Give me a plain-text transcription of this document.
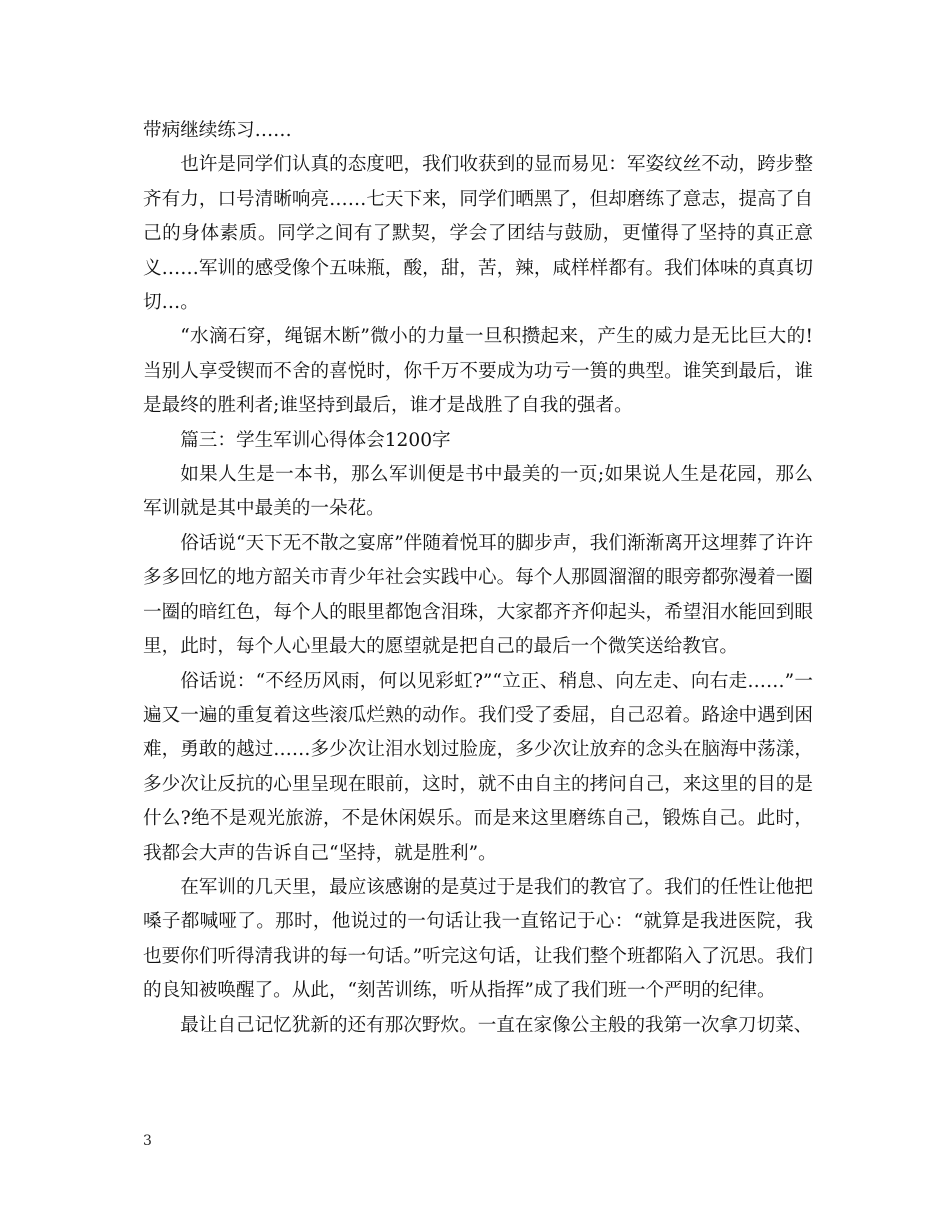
带病继续练习……

也许是同学们认真的态度吧，我们收获到的显而易见：军姿纹丝不动，跨步整齐有力，口号清晰响亮……七天下来，同学们晒黑了，但却磨练了意志，提高了自己的身体素质。同学之间有了默契，学会了团结与鼓励，更懂得了坚持的真正意义……军训的感受像个五味瓶，酸，甜，苦，辣，咸样样都有。我们体味的真真切切…。

“水滴石穿，绳锯木断”微小的力量一旦积攒起来，产生的威力是无比巨大的!当别人享受锲而不舍的喜悦时，你千万不要成为功亏一篑的典型。谁笑到最后，谁是最终的胜利者;谁坚持到最后，谁才是战胜了自我的强者。

篇三：学生军训心得体会1200字

如果人生是一本书，那么军训便是书中最美的一页;如果说人生是花园，那么军训就是其中最美的一朵花。

俗话说“天下无不散之宴席”伴随着悦耳的脚步声，我们渐渐离开这埋葬了许许多多回忆的地方韶关市青少年社会实践中心。每个人那圆溜溜的眼旁都弥漫着一圈一圈的暗红色，每个人的眼里都饱含泪珠，大家都齐齐仰起头，希望泪水能回到眼里，此时，每个人心里最大的愿望就是把自己的最后一个微笑送给教官。

俗话说：“不经历风雨，何以见彩虹?”“立正、稍息、向左走、向右走……”一遍又一遍的重复着这些滚瓜烂熟的动作。我们受了委屈，自己忍着。路途中遇到困难，勇敢的越过……多少次让泪水划过脸庞，多少次让放弃的念头在脑海中荡漾，多少次让反抗的心里呈现在眼前，这时，就不由自主的拷问自己，来这里的目的是什么?绝不是观光旅游，不是休闲娱乐。而是来这里磨练自己，锻炼自己。此时，我都会大声的告诉自己“坚持，就是胜利”。

在军训的几天里，最应该感谢的是莫过于是我们的教官了。我们的任性让他把嗓子都喊哑了。那时，他说过的一句话让我一直铭记于心：“就算是我进医院，我也要你们听得清我讲的每一句话。”听完这句话，让我们整个班都陷入了沉思。我们的良知被唤醒了。从此，“刻苦训练，听从指挥”成了我们班一个严明的纪律。

最让自己记忆犹新的还有那次野炊。一直在家像公主般的我第一次拿刀切菜、

3
